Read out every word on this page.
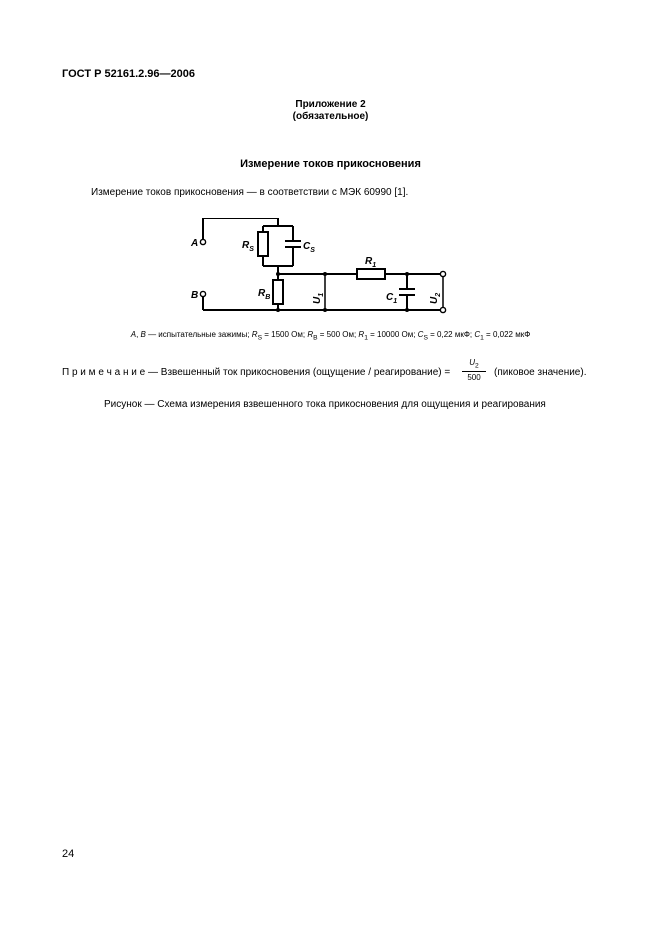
ГОСТ Р 52161.2.96—2006
Приложение 2
(обязательное)
Измерение токов прикосновения
Измерение токов прикосновения — в соответствии с МЭК 60990 [1].
A
B
$R_S$	$C_S$
$R_B$
$R_1$
$C_1$
$U_1$
$U_2$
A, B — испытательные зажимы; $R_S = 1500$ Ом; $R_B = 500$ Ом; $R_1 = 10000$ Ом; $C_S = 0,22$ мкФ; $C_1 = 0,022$ мкФ
П р и м е ч а н и е — Взвешенный ток прикосновения (ощущение / реагирование) = $\frac{U_2}{500}$ (пиковое значение).
Рисунок — Схема измерения взвешенного тока прикосновения для ощущения и реагирования
24
